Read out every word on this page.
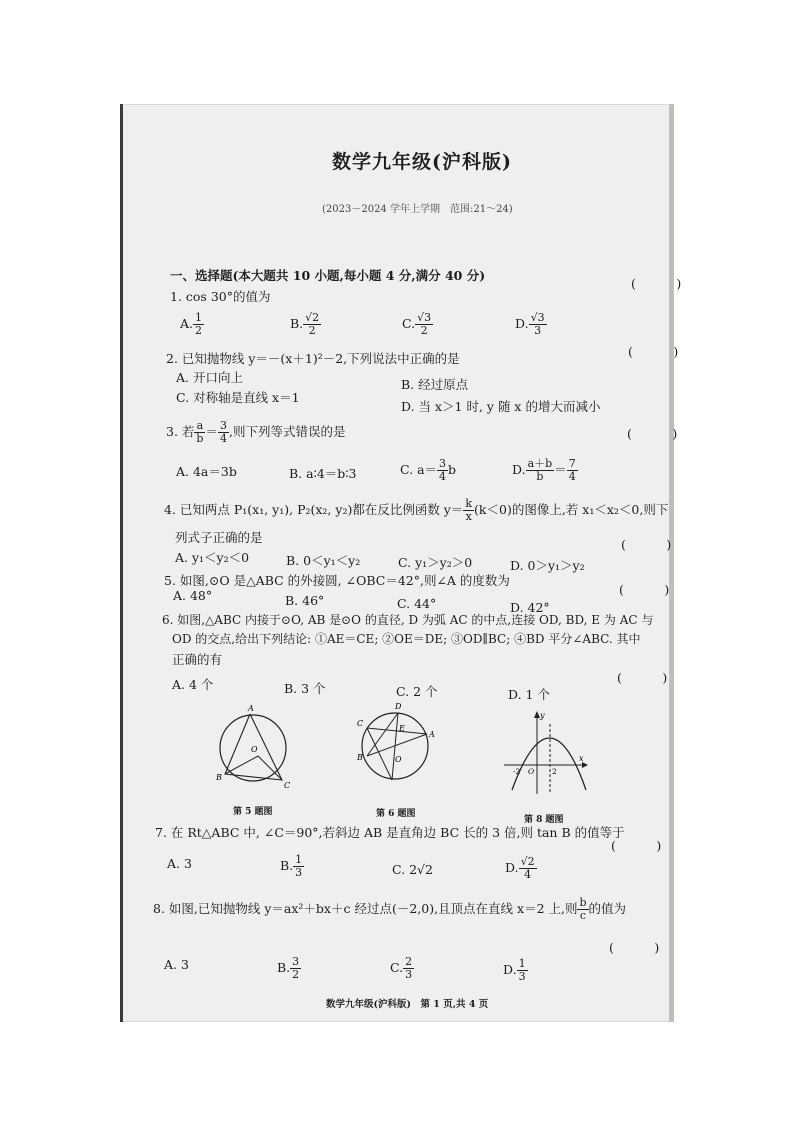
数学九年级(沪科版)
(2023－2024 学年上学期　范围:21～24)
一、选择题(本大题共 10 小题,每小题 4 分,满分 40 分)
(　)
1. cos 30°的值为
A. $\frac{1}{2}$	B. $\frac{√2}{2}$	C. $\frac{√3}{2}$	D. $\frac{√3}{3}$
2. 已知抛物线 y＝－(x＋1)²－2,下列说法中正确的是	(　)
A. 开口向上	B. 经过原点
C. 对称轴是直线 x＝1
D. 当 x＞1 时, y 随 x 的增大而减小
3. 若 $\frac{a}{b} = \frac{3}{4}$ ,则下列等式错误的是	(　)
A. 4a＝3b	B. a∶4＝b∶3	C. $a= \frac{3}{4}$ b	D. $\frac{a+b}{b} = \frac{7}{4}$
4. 已知两点 P₁(x₁, y₁), P₂(x₂, y₂)都在反比例函数 $y= \frac{k}{x} (k<0)$的图像上,若 x₁＜x₂＜0,则下
列式子正确的是	(　)
A. y₁＜y₂＜0	B. 0＜y₁＜y₂	C. y₁＞y₂＞0	D. 0＞y₁＞y₂
5. 如图,⊙O 是△ABC 的外接圆, ∠OBC＝42°,则∠A 的度数为
(　)
A. 48°	B. 46°	C. 44°	D. 42°
6. 如图,△ABC 内接于⊙O, AB 是⊙O 的直径, D 为弧 AC 的中点,连接 OD, BD, E 为 AC 与
OD 的交点,给出下列结论: ①AE＝CE; ②OE＝DE; ③OD∥BC; ④BD 平分∠ABC. 其中
正确的有
(　)
A. 4 个	B. 3 个	C. 2 个	D. 1 个
A
O
B
C
第 5 题图
D
C
E
A
B	O
第 6 题图
y
x
-2 O 2
第 8 题图
7. 在 Rt△ABC 中, ∠C＝90°,若斜边 AB 是直角边 BC 长的 3 倍,则 tan B 的值等于
(　)
A. 3	B. $\frac{1}{3}$	C. 2√2	D. $\frac{√2}{4}$
8. 如图,已知抛物线 y＝ax²＋bx＋c 经过点(－2,0),且顶点在直线 x＝2 上,则 $\frac{b}{c}$ 的值为
(　)
A. 3	B. $\frac{3}{2}$	C. $\frac{2}{3}$	D. $\frac{1}{3}$
数学九年级(沪科版)　第 1 页,共 4 页
